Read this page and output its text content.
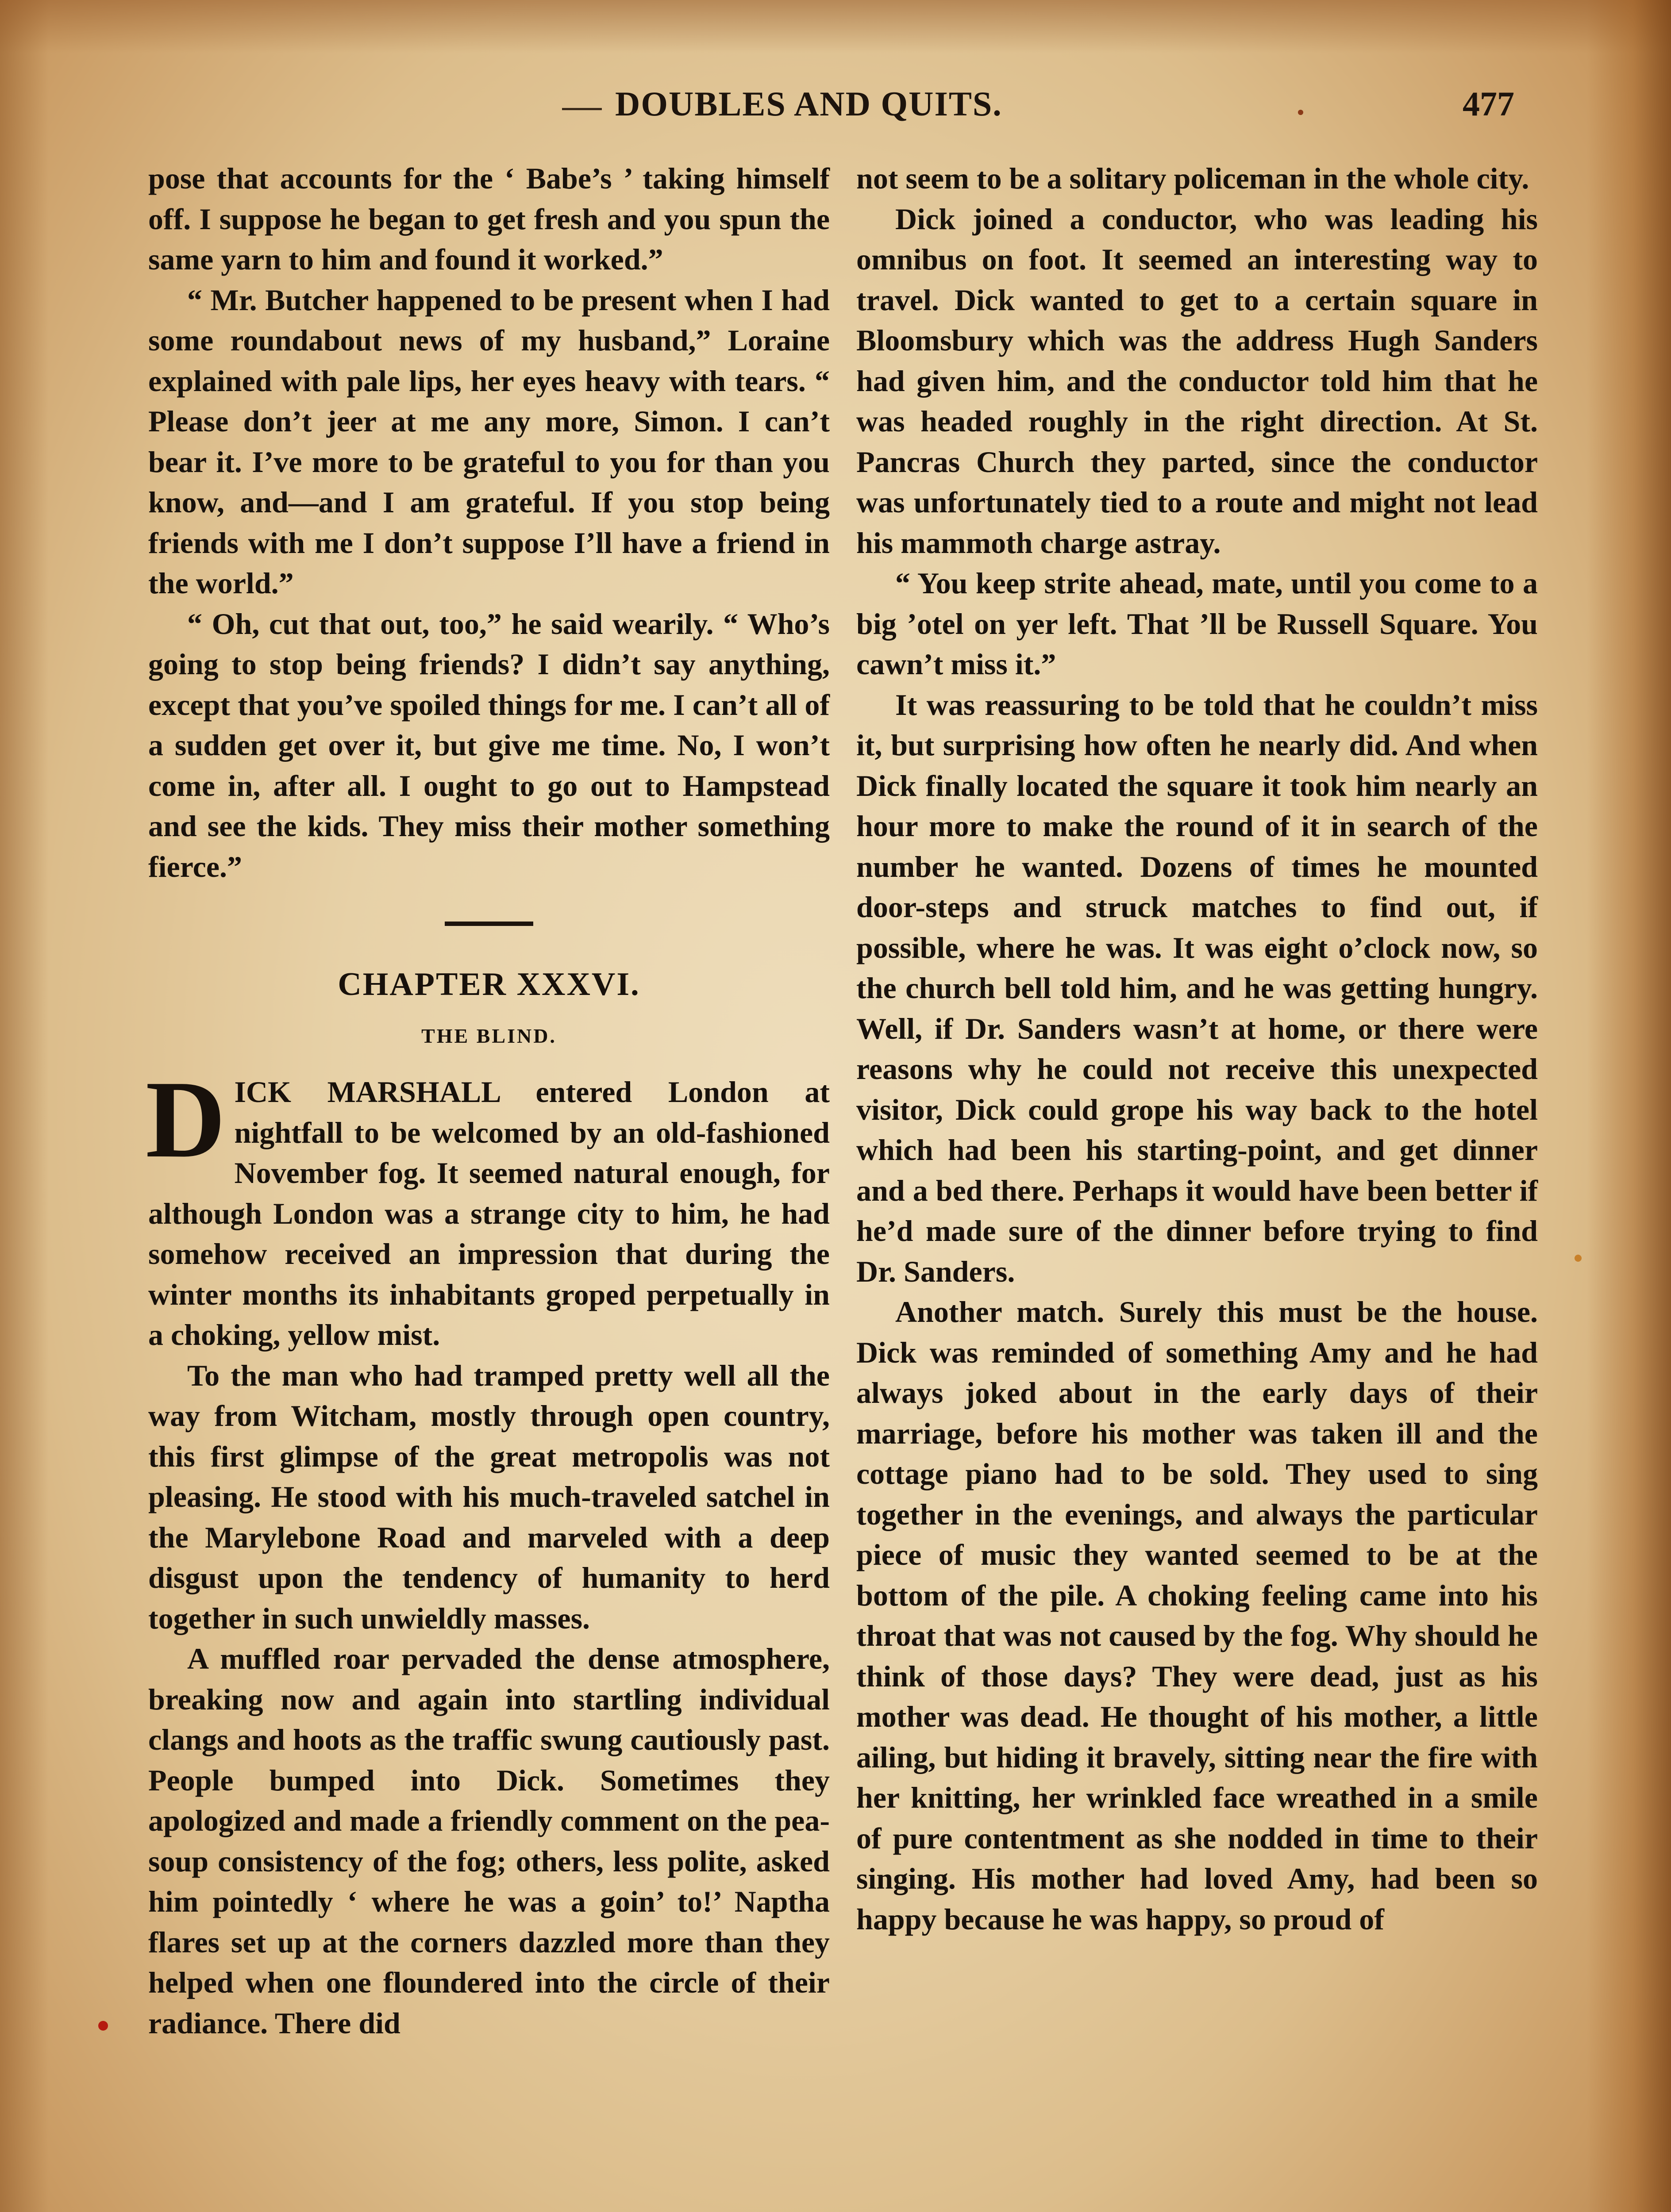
DOUBLES AND QUITS.	477

pose that accounts for the ‘ Babe’s ’ taking himself off. I suppose he began to get fresh and you spun the same yarn to him and found it worked.”

“ Mr. Butcher happened to be present when I had some roundabout news of my husband,” Loraine explained with pale lips, her eyes heavy with tears. “ Please don’t jeer at me any more, Simon. I can’t bear it. I’ve more to be grateful to you for than you know, and—and I am grateful. If you stop being friends with me I don’t suppose I’ll have a friend in the world.”

“ Oh, cut that out, too,” he said wearily. “ Who’s going to stop being friends? I didn’t say anything, except that you’ve spoiled things for me. I can’t all of a sudden get over it, but give me time. No, I won’t come in, after all. I ought to go out to Hampstead and see the kids. They miss their mother something fierce.”

CHAPTER XXXVI.
THE BLIND.

DICK MARSHALL entered London at nightfall to be welcomed by an old-fashioned November fog. It seemed natural enough, for although London was a strange city to him, he had somehow received an impression that during the winter months its inhabitants groped perpetually in a choking, yellow mist.

To the man who had tramped pretty well all the way from Witcham, mostly through open country, this first glimpse of the great metropolis was not pleasing. He stood with his much-traveled satchel in the Marylebone Road and marveled with a deep disgust upon the tendency of humanity to herd together in such unwieldly masses.

A muffled roar pervaded the dense atmosphere, breaking now and again into startling individual clangs and hoots as the traffic swung cautiously past. People bumped into Dick. Sometimes they apologized and made a friendly comment on the pea-soup consistency of the fog; others, less polite, asked him pointedly ‘ where he was a goin’ to!’ Naptha flares set up at the corners dazzled more than they helped when one floundered into the circle of their radiance. There did

not seem to be a solitary policeman in the whole city.

Dick joined a conductor, who was leading his omnibus on foot. It seemed an interesting way to travel. Dick wanted to get to a certain square in Bloomsbury which was the address Hugh Sanders had given him, and the conductor told him that he was headed roughly in the right direction. At St. Pancras Church they parted, since the conductor was unfortunately tied to a route and might not lead his mammoth charge astray.

“ You keep strite ahead, mate, until you come to a big ’otel on yer left. That ’ll be Russell Square. You cawn’t miss it.”

It was reassuring to be told that he couldn’t miss it, but surprising how often he nearly did. And when Dick finally located the square it took him nearly an hour more to make the round of it in search of the number he wanted. Dozens of times he mounted door-steps and struck matches to find out, if possible, where he was. It was eight o’clock now, so the church bell told him, and he was getting hungry. Well, if Dr. Sanders wasn’t at home, or there were reasons why he could not receive this unexpected visitor, Dick could grope his way back to the hotel which had been his starting-point, and get dinner and a bed there. Perhaps it would have been better if he’d made sure of the dinner before trying to find Dr. Sanders.

Another match. Surely this must be the house. Dick was reminded of something Amy and he had always joked about in the early days of their marriage, before his mother was taken ill and the cottage piano had to be sold. They used to sing together in the evenings, and always the particular piece of music they wanted seemed to be at the bottom of the pile. A choking feeling came into his throat that was not caused by the fog. Why should he think of those days? They were dead, just as his mother was dead. He thought of his mother, a little ailing, but hiding it bravely, sitting near the fire with her knitting, her wrinkled face wreathed in a smile of pure contentment as she nodded in time to their singing. His mother had loved Amy, had been so happy because he was happy, so proud of
